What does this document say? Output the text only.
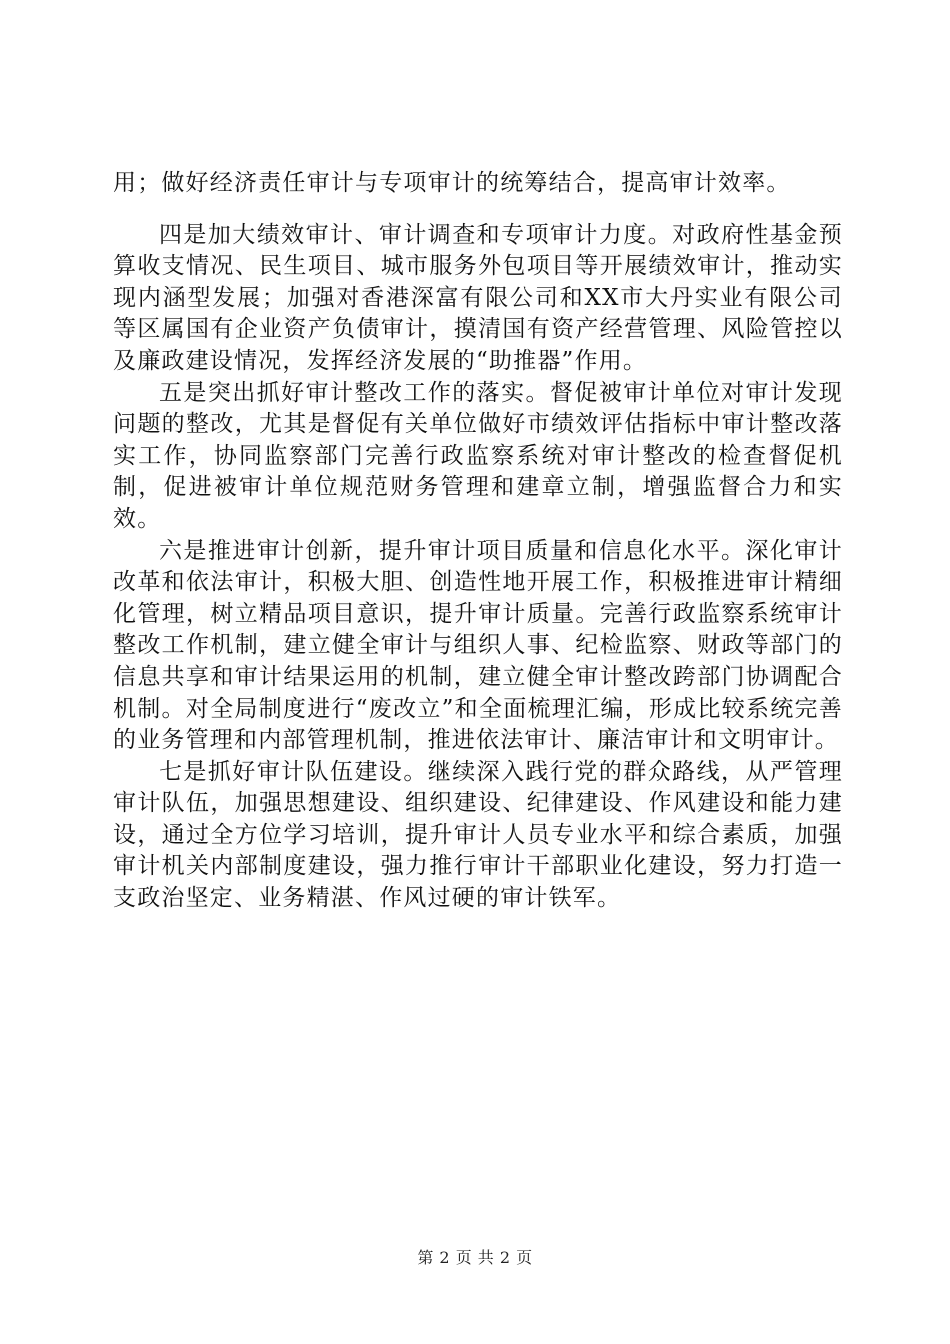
用；做好经济责任审计与专项审计的统筹结合，提高审计效率。

四是加大绩效审计、审计调查和专项审计力度。对政府性基金预算收支情况、民生项目、城市服务外包项目等开展绩效审计，推动实现内涵型发展；加强对香港深富有限公司和XX市大丹实业有限公司等区属国有企业资产负债审计，摸清国有资产经营管理、风险管控以及廉政建设情况，发挥经济发展的“助推器”作用。

五是突出抓好审计整改工作的落实。督促被审计单位对审计发现问题的整改，尤其是督促有关单位做好市绩效评估指标中审计整改落实工作，协同监察部门完善行政监察系统对审计整改的检查督促机制，促进被审计单位规范财务管理和建章立制，增强监督合力和实效。

六是推进审计创新，提升审计项目质量和信息化水平。深化审计改革和依法审计，积极大胆、创造性地开展工作，积极推进审计精细化管理，树立精品项目意识，提升审计质量。完善行政监察系统审计整改工作机制，建立健全审计与组织人事、纪检监察、财政等部门的信息共享和审计结果运用的机制，建立健全审计整改跨部门协调配合机制。对全局制度进行“废改立”和全面梳理汇编，形成比较系统完善的业务管理和内部管理机制，推进依法审计、廉洁审计和文明审计。

七是抓好审计队伍建设。继续深入践行党的群众路线，从严管理审计队伍，加强思想建设、组织建设、纪律建设、作风建设和能力建设，通过全方位学习培训，提升审计人员专业水平和综合素质，加强审计机关内部制度建设，强力推行审计干部职业化建设，努力打造一支政治坚定、业务精湛、作风过硬的审计铁军。

第 2 页 共 2 页
